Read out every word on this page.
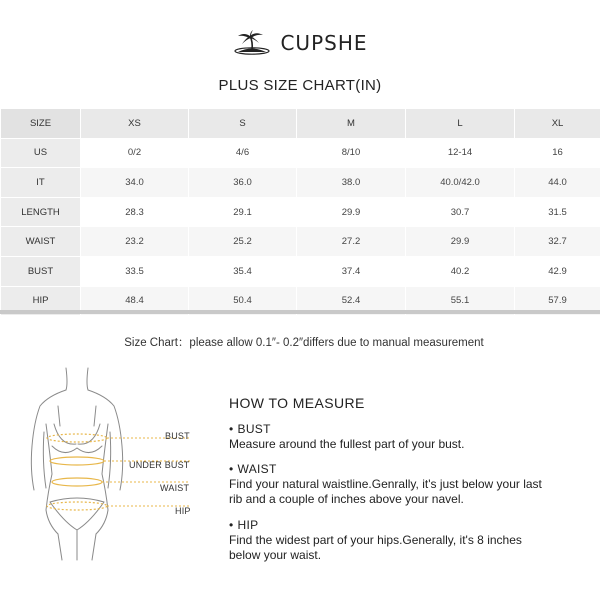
CUPSHE
PLUS SIZE CHART(IN)
SIZE	XS	S	M	L	XL
US	0/2	4/6	8/10	12-14	16
IT	34.0	36.0	38.0	40.0/42.0	44.0
LENGTH	28.3	29.1	29.9	30.7	31.5
WAIST	23.2	25.2	27.2	29.9	32.7
BUST	33.5	35.4	37.4	40.2	42.9
HIP	48.4	50.4	52.4	55.1	57.9
Size Chart：please allow 0.1″- 0.2″differs due to manual measurement
BUST
UNDER BUST
WAIST
HIP
HOW TO MEASURE
• BUST
Measure around the fullest part of your bust.
• WAIST
Find your natural waistline.Genrally, it's just below your last
rib and a couple of inches above your navel.
• HIP
Find the widest part of your hips.Generally, it's 8 inches
below your waist.
